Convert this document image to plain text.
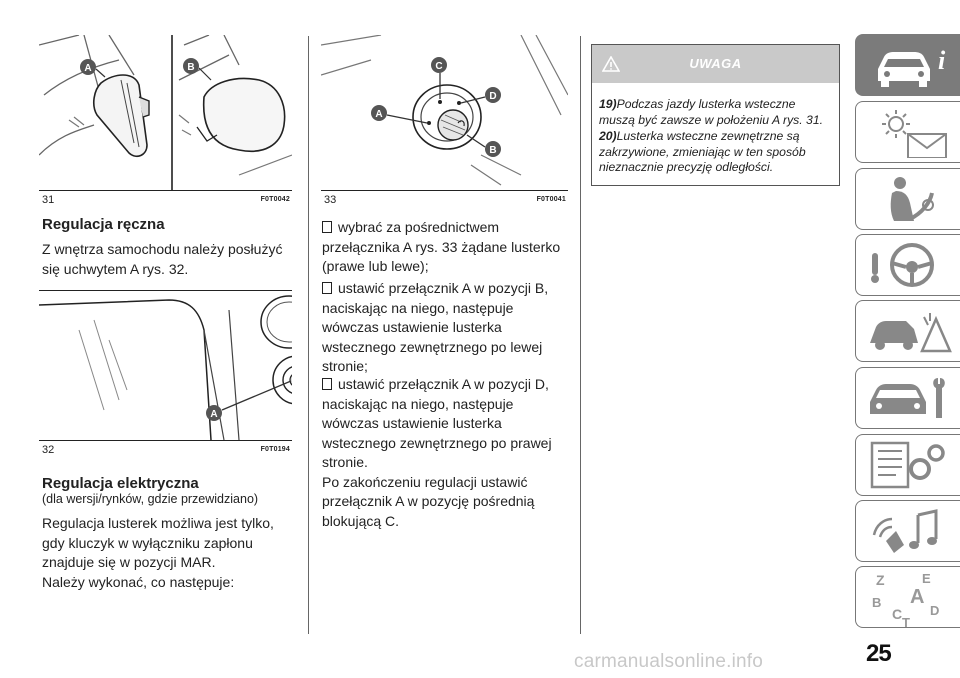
A	B
31	F0T0042
Regulacja ręczna
Z wnętrza samochodu należy posłużyć
się uchwytem A rys. 32.
A
32	F0T0194
Regulacja elektryczna
(dla wersji/rynków, gdzie przewidziano)
Regulacja lusterek możliwa jest tylko,
gdy kluczyk w wyłączniku zapłonu
znajduje się w pozycji MAR.
Należy wykonać, co następuje:
C
D
A
B
33	F0T0041
wybrać za pośrednictwem
przełącznika A rys. 33 żądane lusterko
(prawe lub lewe);
ustawić przełącznik A w pozycji B,
naciskając na niego, następuje
wówczas ustawienie lusterka
wstecznego zewnętrznego po lewej
stronie;
ustawić przełącznik A w pozycji D,
naciskając na niego, następuje
wówczas ustawienie lusterka
wstecznego zewnętrznego po prawej
stronie.
Po zakończeniu regulacji ustawić
przełącznik A w pozycję pośrednią
blokującą C.
UWAGA
19)Podczas jazdy lusterka wsteczne
muszą być zawsze w położeniu A rys. 31.
20)Lusterka wsteczne zewnętrzne są
zakrzywione, zmieniając w ten sposób
nieznacznie precyzję odległości.
i
Z	E
A
B
C
T
D
25
carmanualsonline.info
